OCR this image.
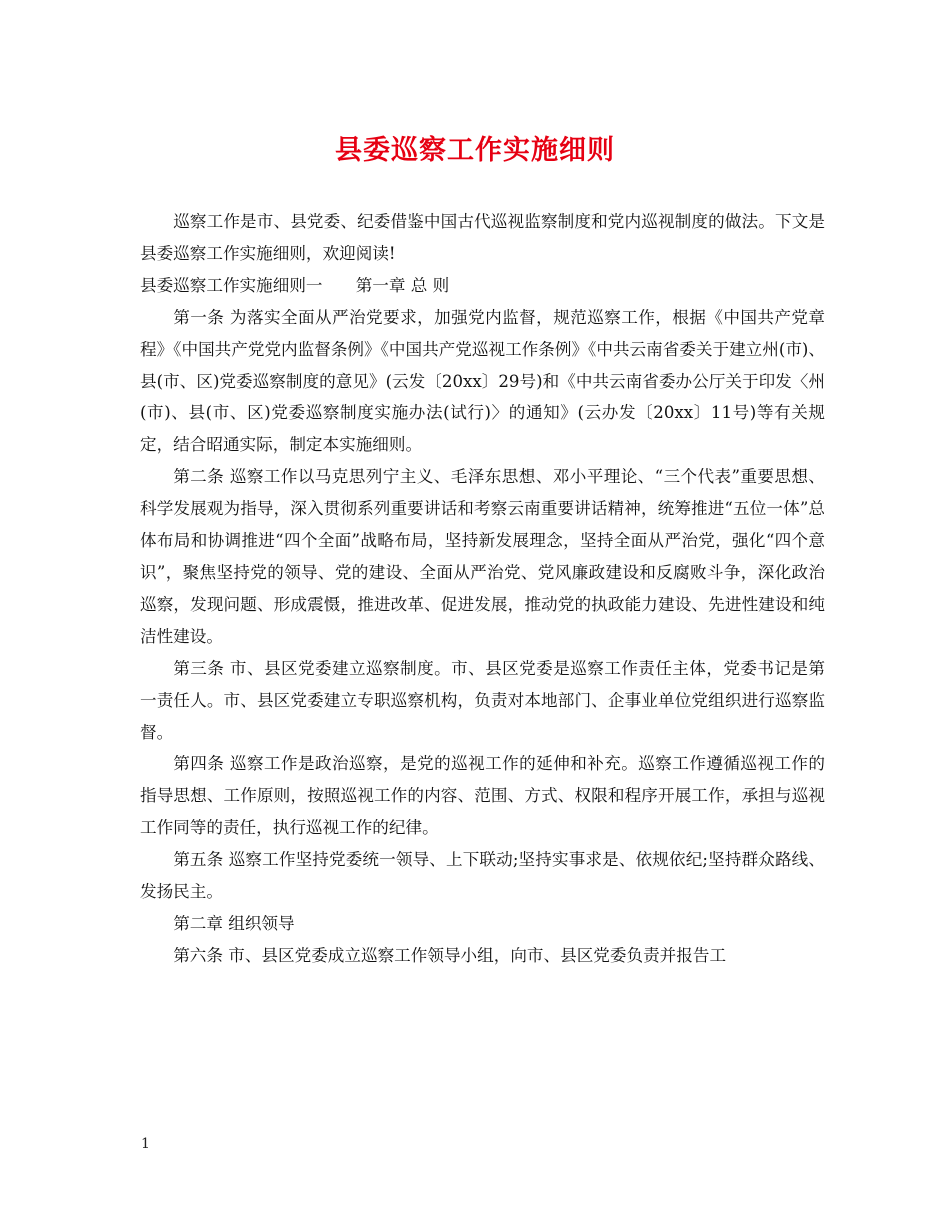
县委巡察工作实施细则

巡察工作是市、县党委、纪委借鉴中国古代巡视监察制度和党内巡视制度的做法。下文是县委巡察工作实施细则，欢迎阅读!

县委巡察工作实施细则一　　第一章 总 则

第一条 为落实全面从严治党要求，加强党内监督，规范巡察工作，根据《中国共产党章程》《中国共产党党内监督条例》《中国共产党巡视工作条例》《中共云南省委关于建立州(市)、县(市、区)党委巡察制度的意见》(云发〔20xx〕29号)和《中共云南省委办公厅关于印发〈州(市)、县(市、区)党委巡察制度实施办法(试行)〉的通知》(云办发〔20xx〕11号)等有关规定，结合昭通实际，制定本实施细则。

第二条 巡察工作以马克思列宁主义、毛泽东思想、邓小平理论、“三个代表”重要思想、科学发展观为指导，深入贯彻系列重要讲话和考察云南重要讲话精神，统筹推进“五位一体”总体布局和协调推进“四个全面”战略布局，坚持新发展理念，坚持全面从严治党，强化“四个意识”，聚焦坚持党的领导、党的建设、全面从严治党、党风廉政建设和反腐败斗争，深化政治巡察，发现问题、形成震慑，推进改革、促进发展，推动党的执政能力建设、先进性建设和纯洁性建设。

第三条 市、县区党委建立巡察制度。市、县区党委是巡察工作责任主体，党委书记是第一责任人。市、县区党委建立专职巡察机构，负责对本地部门、企事业单位党组织进行巡察监督。

第四条 巡察工作是政治巡察，是党的巡视工作的延伸和补充。巡察工作遵循巡视工作的指导思想、工作原则，按照巡视工作的内容、范围、方式、权限和程序开展工作，承担与巡视工作同等的责任，执行巡视工作的纪律。

第五条 巡察工作坚持党委统一领导、上下联动;坚持实事求是、依规依纪;坚持群众路线、发扬民主。

第二章 组织领导

第六条 市、县区党委成立巡察工作领导小组，向市、县区党委负责并报告工

1
